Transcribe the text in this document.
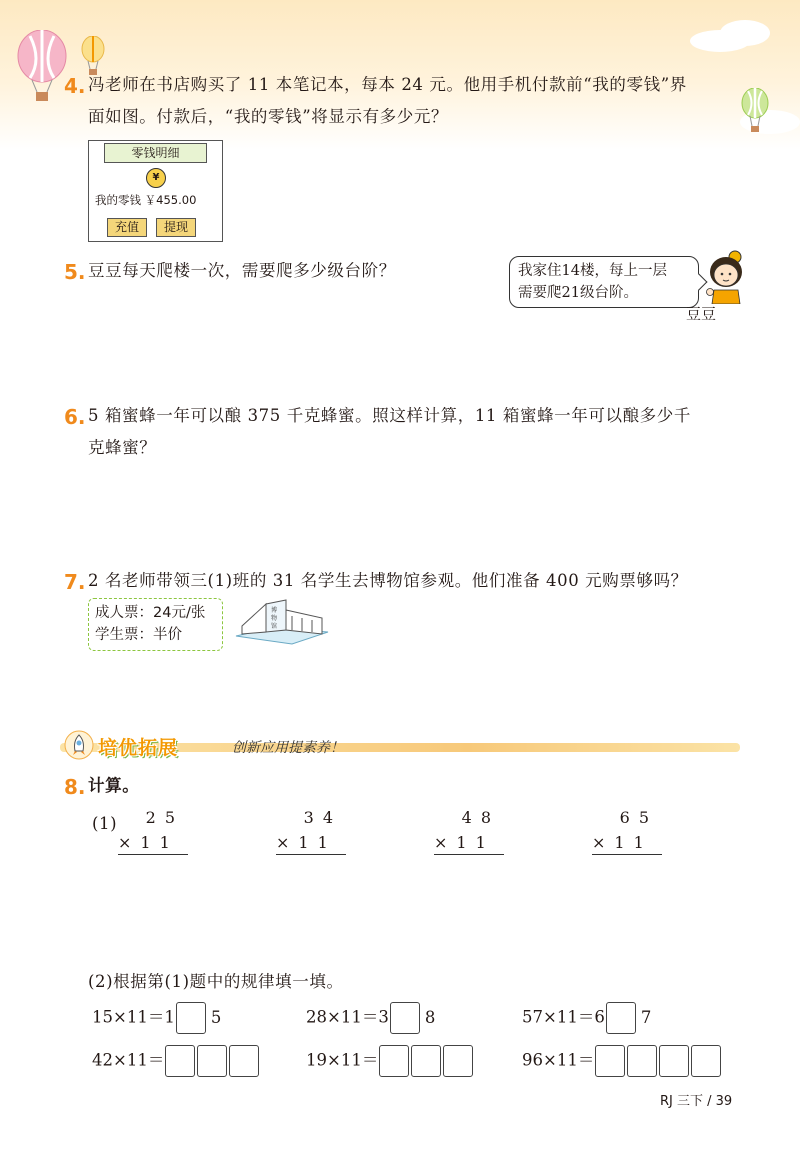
4. 冯老师在书店购买了 11 本笔记本，每本 24 元。他用手机付款前“我的零钱”界
面如图。付款后，“我的零钱”将显示有多少元？
零钱明细
¥
我的零钱 ￥455.00
充值	提现
5. 豆豆每天爬楼一次，需要爬多少级台阶？	我家住14楼，每上一层
需要爬21级台阶。
豆豆
6. 5 箱蜜蜂一年可以酿 375 千克蜂蜜。照这样计算，11 箱蜜蜂一年可以酿多少千
克蜂蜜？
7. 2 名老师带领三(1)班的 31 名学生去博物馆参观。他们准备 400 元购票够吗？
成人票：24元/张
学生票：半价
博
物
馆
培优拓展	创新应用提素养！
8. 计算。
(1) 25
×11
34
×11
48
×11
65
×11
(2)根据第(1)题中的规律填一填。
15×11＝1 5	28×11＝3 8	57×11＝6 7
42×11＝	19×11＝	96×11＝
RJ 三下 / 39
